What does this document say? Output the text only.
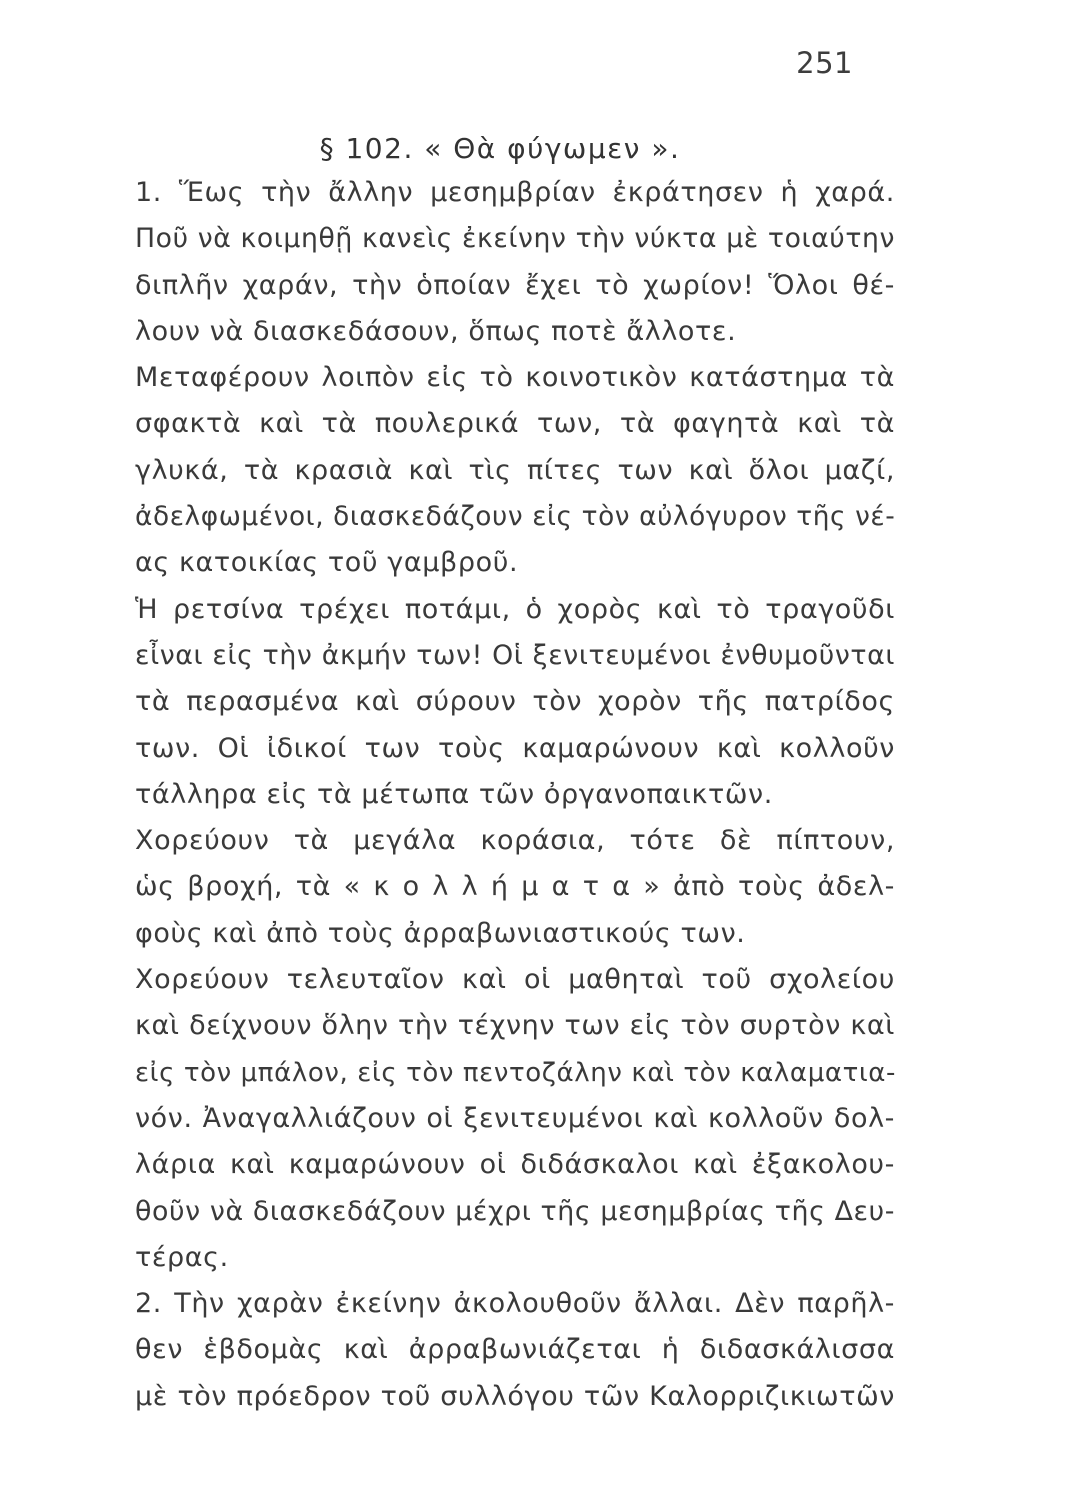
251
§ 102. « Θὰ φύγωμεν ».
1. Ἕως τὴν ἄλλην μεσημβρίαν ἐκράτησεν ἡ χαρά.
Ποῦ νὰ κοιμηθῇ κανεὶς ἐκείνην τὴν νύκτα μὲ τοιαύτην
διπλῆν χαράν, τὴν ὁποίαν ἔχει τὸ χωρίον! Ὅλοι θέ-
λουν νὰ διασκεδάσουν, ὅπως ποτὲ ἄλλοτε.
Μεταφέρουν λοιπὸν εἰς τὸ κοινοτικὸν κατάστημα τὰ
σφακτὰ καὶ τὰ πουλερικά των, τὰ φαγητὰ καὶ τὰ
γλυκά, τὰ κρασιὰ καὶ τὶς πίτες των καὶ ὅλοι μαζί,
ἀδελφωμένοι, διασκεδάζουν εἰς τὸν αὐλόγυρον τῆς νέ-
ας κατοικίας τοῦ γαμβροῦ.
Ἡ ρετσίνα τρέχει ποτάμι, ὁ χορὸς καὶ τὸ τραγοῦδι
εἶναι εἰς τὴν ἀκμήν των! Οἱ ξενιτευμένοι ἐνθυμοῦνται
τὰ περασμένα καὶ σύρουν τὸν χορὸν τῆς πατρίδος
των. Οἱ ἰδικοί των τοὺς καμαρώνουν καὶ κολλοῦν
τάλληρα εἰς τὰ μέτωπα τῶν ὀργανοπαικτῶν.
Χορεύουν τὰ μεγάλα κοράσια, τότε δὲ πίπτουν,
ὡς βροχή, τὰ « κ ο λ λ ή μ α τ α » ἀπὸ τοὺς ἀδελ-
φοὺς καὶ ἀπὸ τοὺς ἀρραβωνιαστικούς των.
Χορεύουν τελευταῖον καὶ οἱ μαθηταὶ τοῦ σχολείου
καὶ δείχνουν ὅλην τὴν τέχνην των εἰς τὸν συρτὸν καὶ
εἰς τὸν μπάλον, εἰς τὸν πεντοζάλην καὶ τὸν καλαματια-
νόν. Ἀναγαλλιάζουν οἱ ξενιτευμένοι καὶ κολλοῦν δολ-
λάρια καὶ καμαρώνουν οἱ διδάσκαλοι καὶ ἐξακολου-
θοῦν νὰ διασκεδάζουν μέχρι τῆς μεσημβρίας τῆς Δευ-
τέρας.
2. Τὴν χαρὰν ἐκείνην ἀκολουθοῦν ἄλλαι. Δὲν παρῆλ-
θεν ἑβδομὰς καὶ ἀρραβωνιάζεται ἡ διδασκάλισσα
μὲ τὸν πρόεδρον τοῦ συλλόγου τῶν Καλορριζικιωτῶν
